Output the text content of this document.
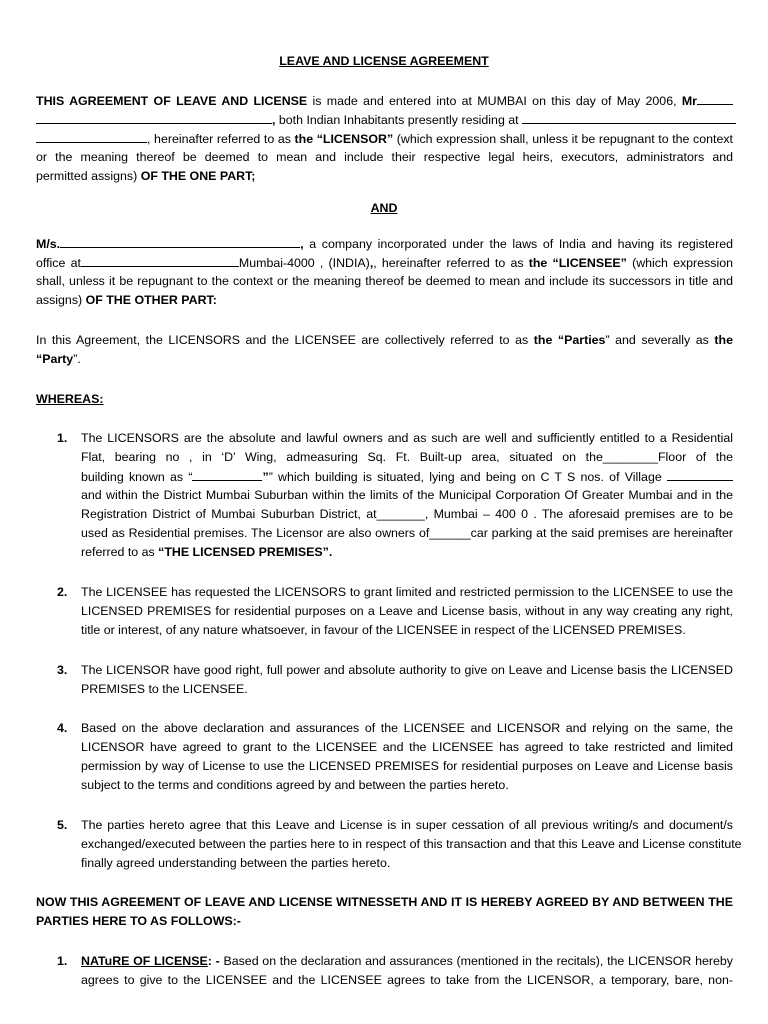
LEAVE AND LICENSE AGREEMENT
THIS AGREEMENT OF LEAVE AND LICENSE is made and entered into at MUMBAI on this day of May 2006, Mr
, both Indian Inhabitants presently residing at
, hereinafter referred to as the “LICENSOR” (which expression shall, unless it be repugnant to the context
or the meaning thereof be deemed to mean and include their respective legal heirs, executors, administrators and
permitted assigns) OF THE ONE PART;
AND
M/s.	, a company incorporated under the laws of India and having its registered
office at	Mumbai-4000 , (INDIA),, hereinafter referred to as the “LICENSEE” (which expression
shall, unless it be repugnant to the context or the meaning thereof be deemed to mean and include its successors in title and
assigns) OF THE OTHER PART:
In this Agreement, the LICENSORS and the LICENSEE are collectively referred to as the “Parties” and severally as the
“Party”.
WHEREAS:
1. The LICENSORS are the absolute and lawful owners and as such are well and sufficiently entitled to a Residential
Flat, bearing no , in ‘D’ Wing, admeasuring Sq. Ft. Built-up area, situated on the________Floor of the
building known as “	”” which building is situated, lying and being on C T S nos. of Village
and within the District Mumbai Suburban within the limits of the Municipal Corporation Of Greater Mumbai and in the
Registration District of Mumbai Suburban District, at_______, Mumbai – 400 0 . The aforesaid premises are to be
used as Residential premises. The Licensor are also owners of______car parking at the said premises are hereinafter
referred to as “THE LICENSED PREMISES”.
2. The LICENSEE has requested the LICENSORS to grant limited and restricted permission to the LICENSEE to use the
LICENSED PREMISES for residential purposes on a Leave and License basis, without in any way creating any right,
title or interest, of any nature whatsoever, in favour of the LICENSEE in respect of the LICENSED PREMISES.
3. The LICENSOR have good right, full power and absolute authority to give on Leave and License basis the LICENSED
PREMISES to the LICENSEE.
4. Based on the above declaration and assurances of the LICENSEE and LICENSOR and relying on the same, the
LICENSOR have agreed to grant to the LICENSEE and the LICENSEE has agreed to take restricted and limited
permission by way of License to use the LICENSED PREMISES for residential purposes on Leave and License basis
subject to the terms and conditions agreed by and between the parties hereto.
5. The parties hereto agree that this Leave and License is in super cessation of all previous writing/s and document/s
exchanged/executed between the parties here to in respect of this transaction and that this Leave and License constitute
finally agreed understanding between the parties hereto.
NOW THIS AGREEMENT OF LEAVE AND LICENSE WITNESSETH AND IT IS HEREBY AGREED BY AND BETWEEN THE
PARTIES HERE TO AS FOLLOWS:-
1. NATuRE OF LICENSE: - Based on the declaration and assurances (mentioned in the recitals), the LICENSOR hereby
agrees to give to the LICENSEE and the LICENSEE agrees to take from the LICENSOR, a temporary, bare, non-
